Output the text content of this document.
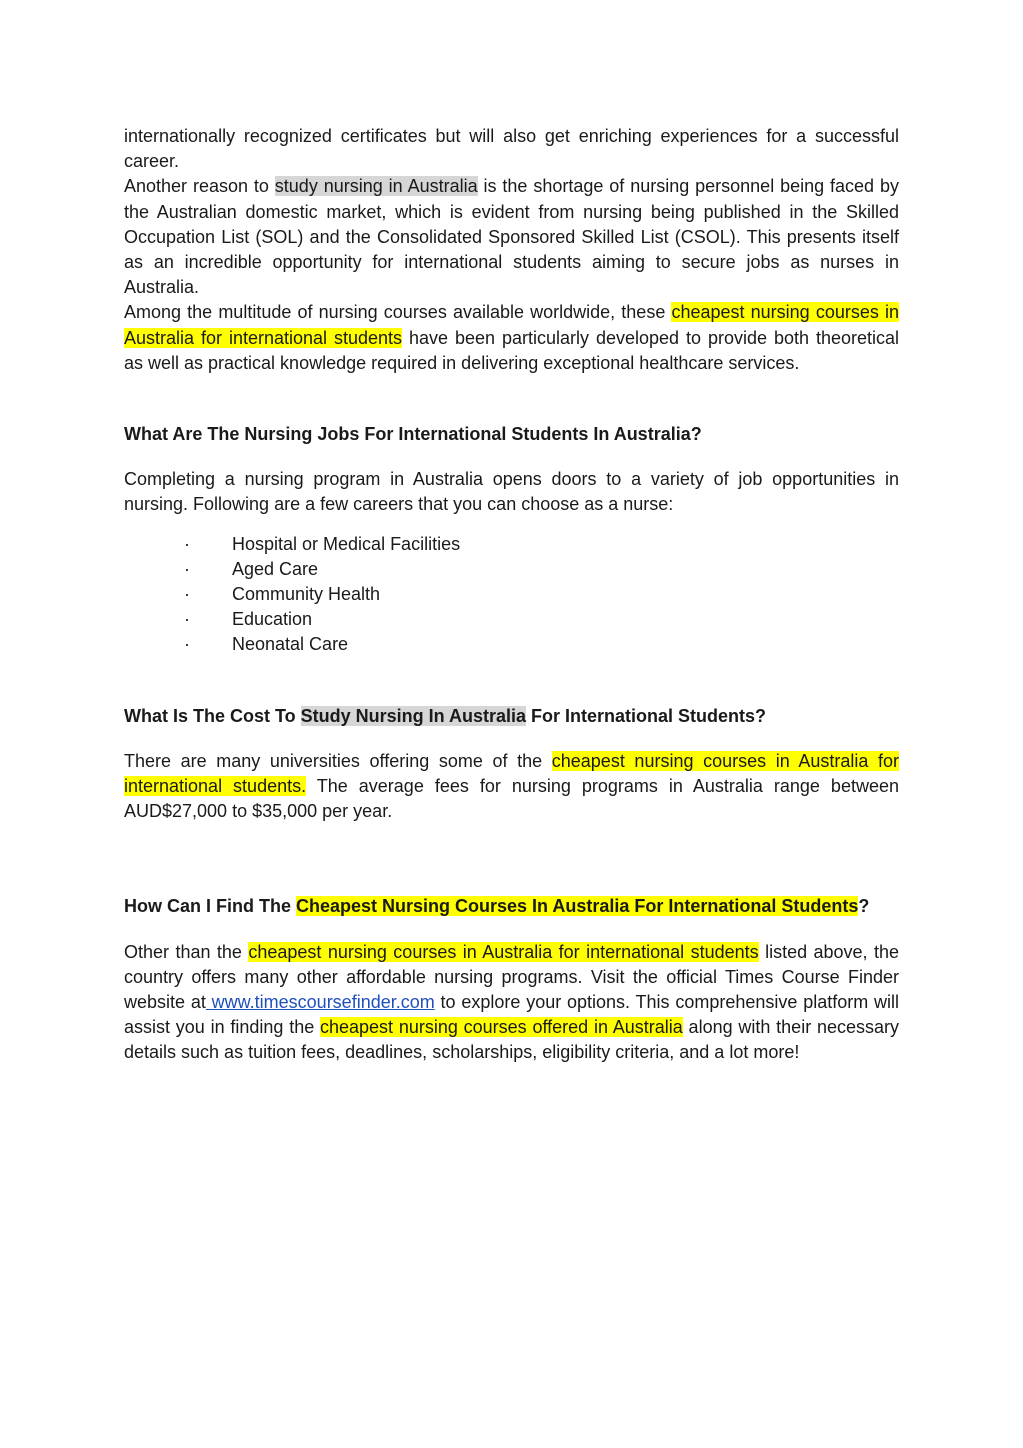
internationally recognized certificates but will also get enriching experiences for a successful career.

Another reason to study nursing in Australia is the shortage of nursing personnel being faced by the Australian domestic market, which is evident from nursing being published in the Skilled Occupation List (SOL) and the Consolidated Sponsored Skilled List (CSOL). This presents itself as an incredible opportunity for international students aiming to secure jobs as nurses in Australia.

Among the multitude of nursing courses available worldwide, these cheapest nursing courses in Australia for international students have been particularly developed to provide both theoretical as well as practical knowledge required in delivering exceptional healthcare services.

What Are The Nursing Jobs For International Students In Australia?

Completing a nursing program in Australia opens doors to a variety of job opportunities in nursing. Following are a few careers that you can choose as a nurse:

·	Hospital or Medical Facilities
·	Aged Care
·	Community Health
·	Education
·	Neonatal Care
What Is The Cost To Study Nursing In Australia For International Students?

There are many universities offering some of the cheapest nursing courses in Australia for international students. The average fees for nursing programs in Australia range between AUD$27,000 to $35,000 per year.

How Can I Find The Cheapest Nursing Courses In Australia For International Students?

Other than the cheapest nursing courses in Australia for international students listed above, the country offers many other affordable nursing programs. Visit the official Times Course Finder website at www.timescoursefinder.com to explore your options. This comprehensive platform will assist you in finding the cheapest nursing courses offered in Australia along with their necessary details such as tuition fees, deadlines, scholarships, eligibility criteria, and a lot more!
